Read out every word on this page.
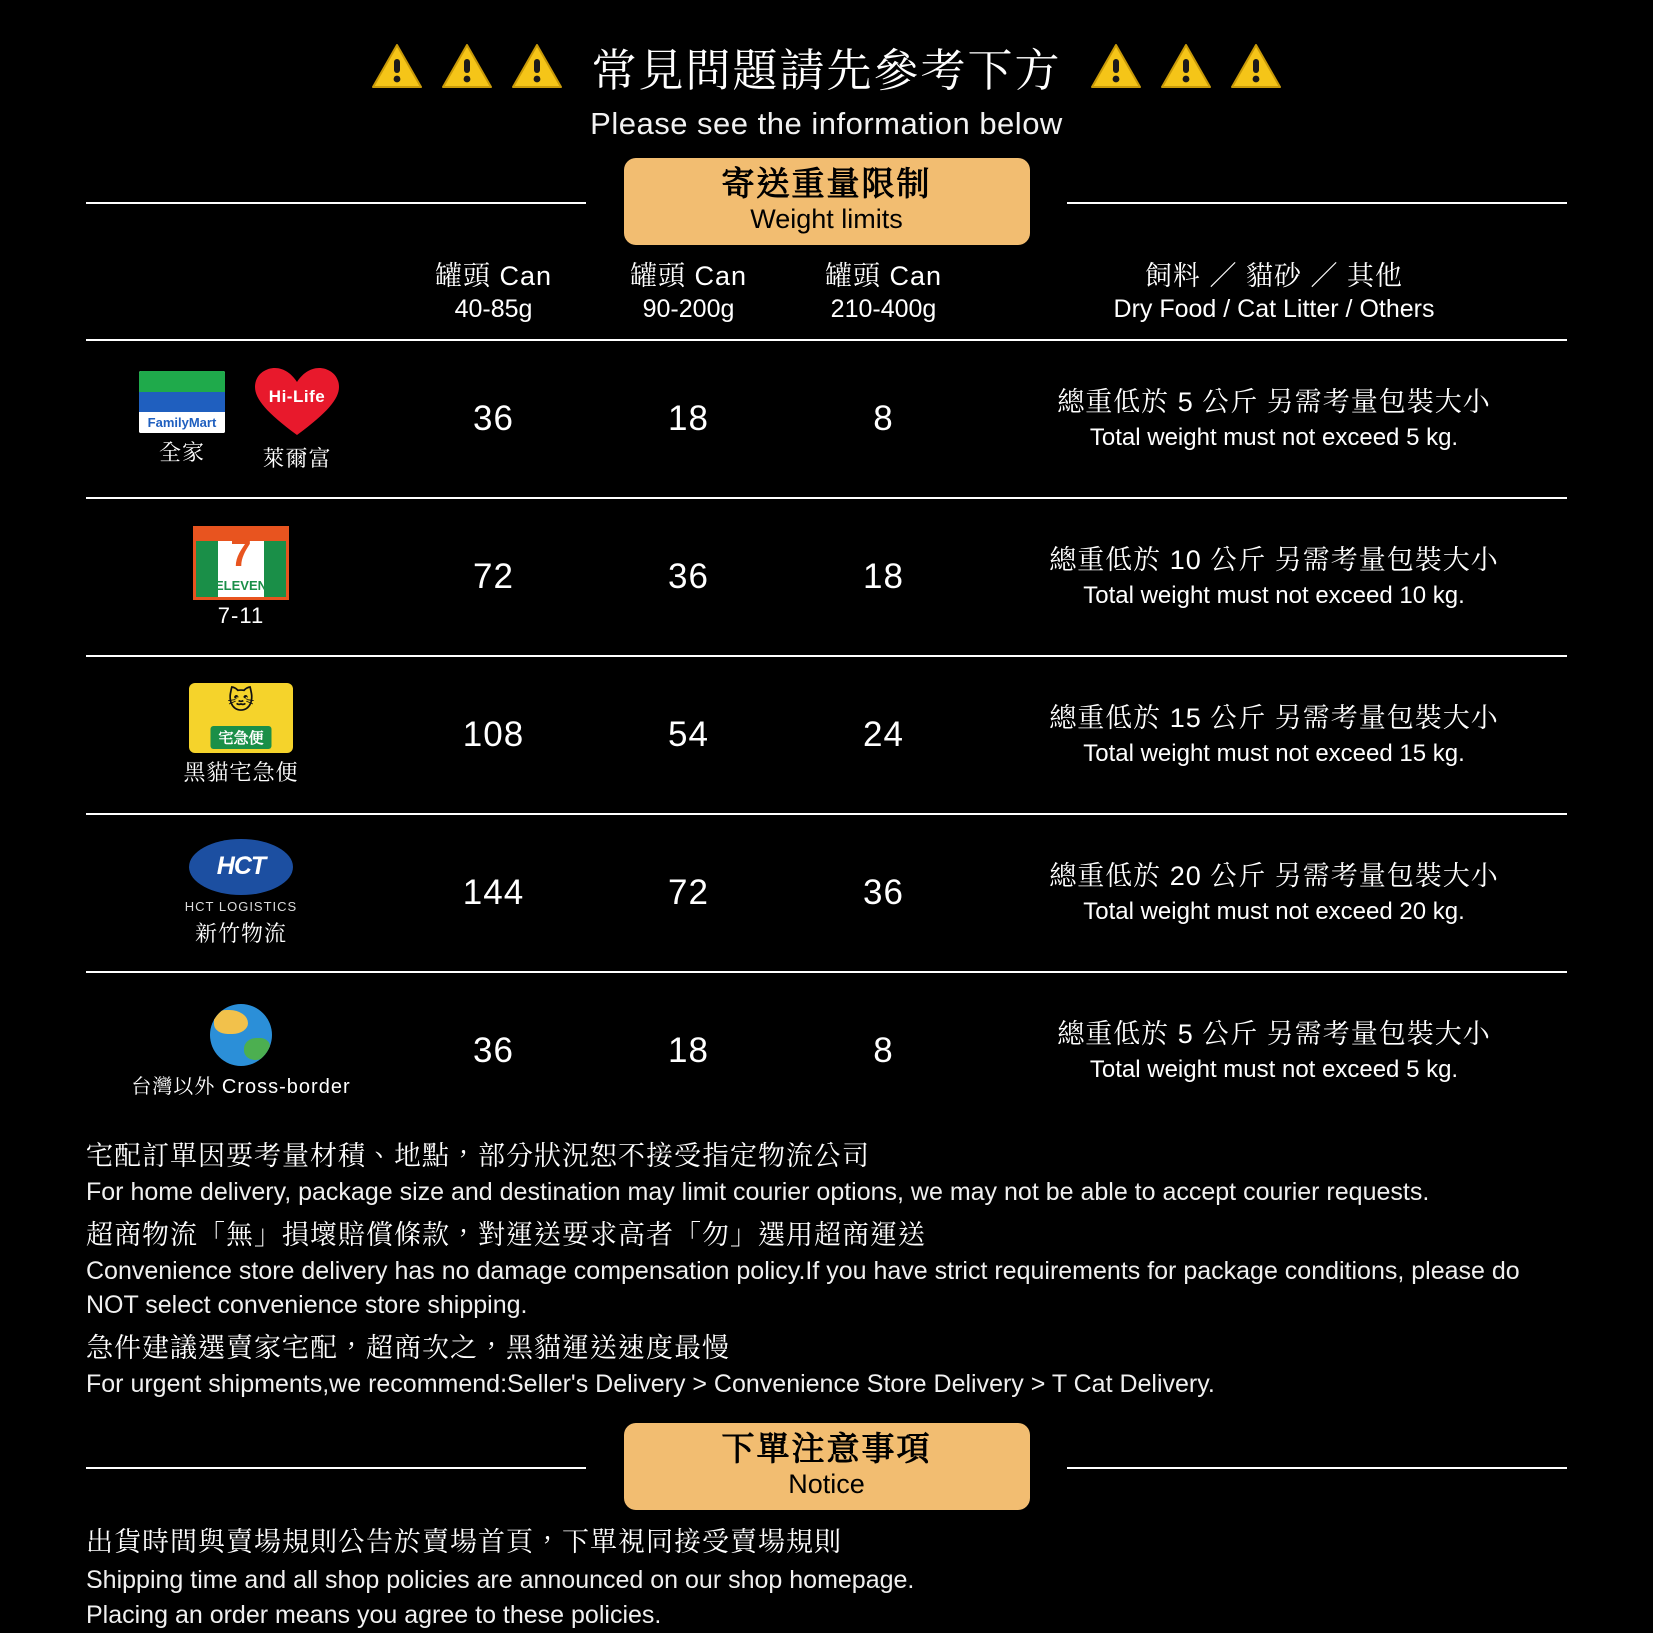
常見問題請先參考下方
Please see the information below
寄送重量限制
Weight limits

罐頭 Can
40-85g

罐頭 Can
90-200g

罐頭 Can
210-400g

飼料 ／ 貓砂 ／ 其他
Dry Food / Cat Litter / Others

FamilyMart
全家
Hi-Life
萊爾富
	36	18	8	總重低於 5 公斤 另需考量包裝大小
Total weight must not exceed 5 kg.

7
ELEVEN
7-11
	72	36	18	總重低於 10 公斤 另需考量包裝大小
Total weight must not exceed 10 kg.

🐱
宅急便
黑貓宅急便
	108	54	24	總重低於 15 公斤 另需考量包裝大小
Total weight must not exceed 15 kg.

HCT
HCT LOGISTICS
新竹物流
	144	72	36	總重低於 20 公斤 另需考量包裝大小
Total weight must not exceed 20 kg.

台灣以外 Cross-border	36	18	8	總重低於 5 公斤 另需考量包裝大小
Total weight must not exceed 5 kg.
宅配訂單因要考量材積、地點，部分狀況恕不接受指定物流公司
For home delivery, package size and destination may limit courier options, we may not be able to accept courier requests.
超商物流「無」損壞賠償條款，對運送要求高者「勿」選用超商運送
Convenience store delivery has no damage compensation policy.If you have strict requirements for package conditions, please do NOT select convenience store shipping.
急件建議選賣家宅配，超商次之，黑貓運送速度最慢
For urgent shipments,we recommend:Seller's Delivery > Convenience Store Delivery > T Cat Delivery.
下單注意事項
Notice
出貨時間與賣場規則公告於賣場首頁，下單視同接受賣場規則
Shipping time and all shop policies are announced on our shop homepage.
Placing an order means you agree to these policies.
